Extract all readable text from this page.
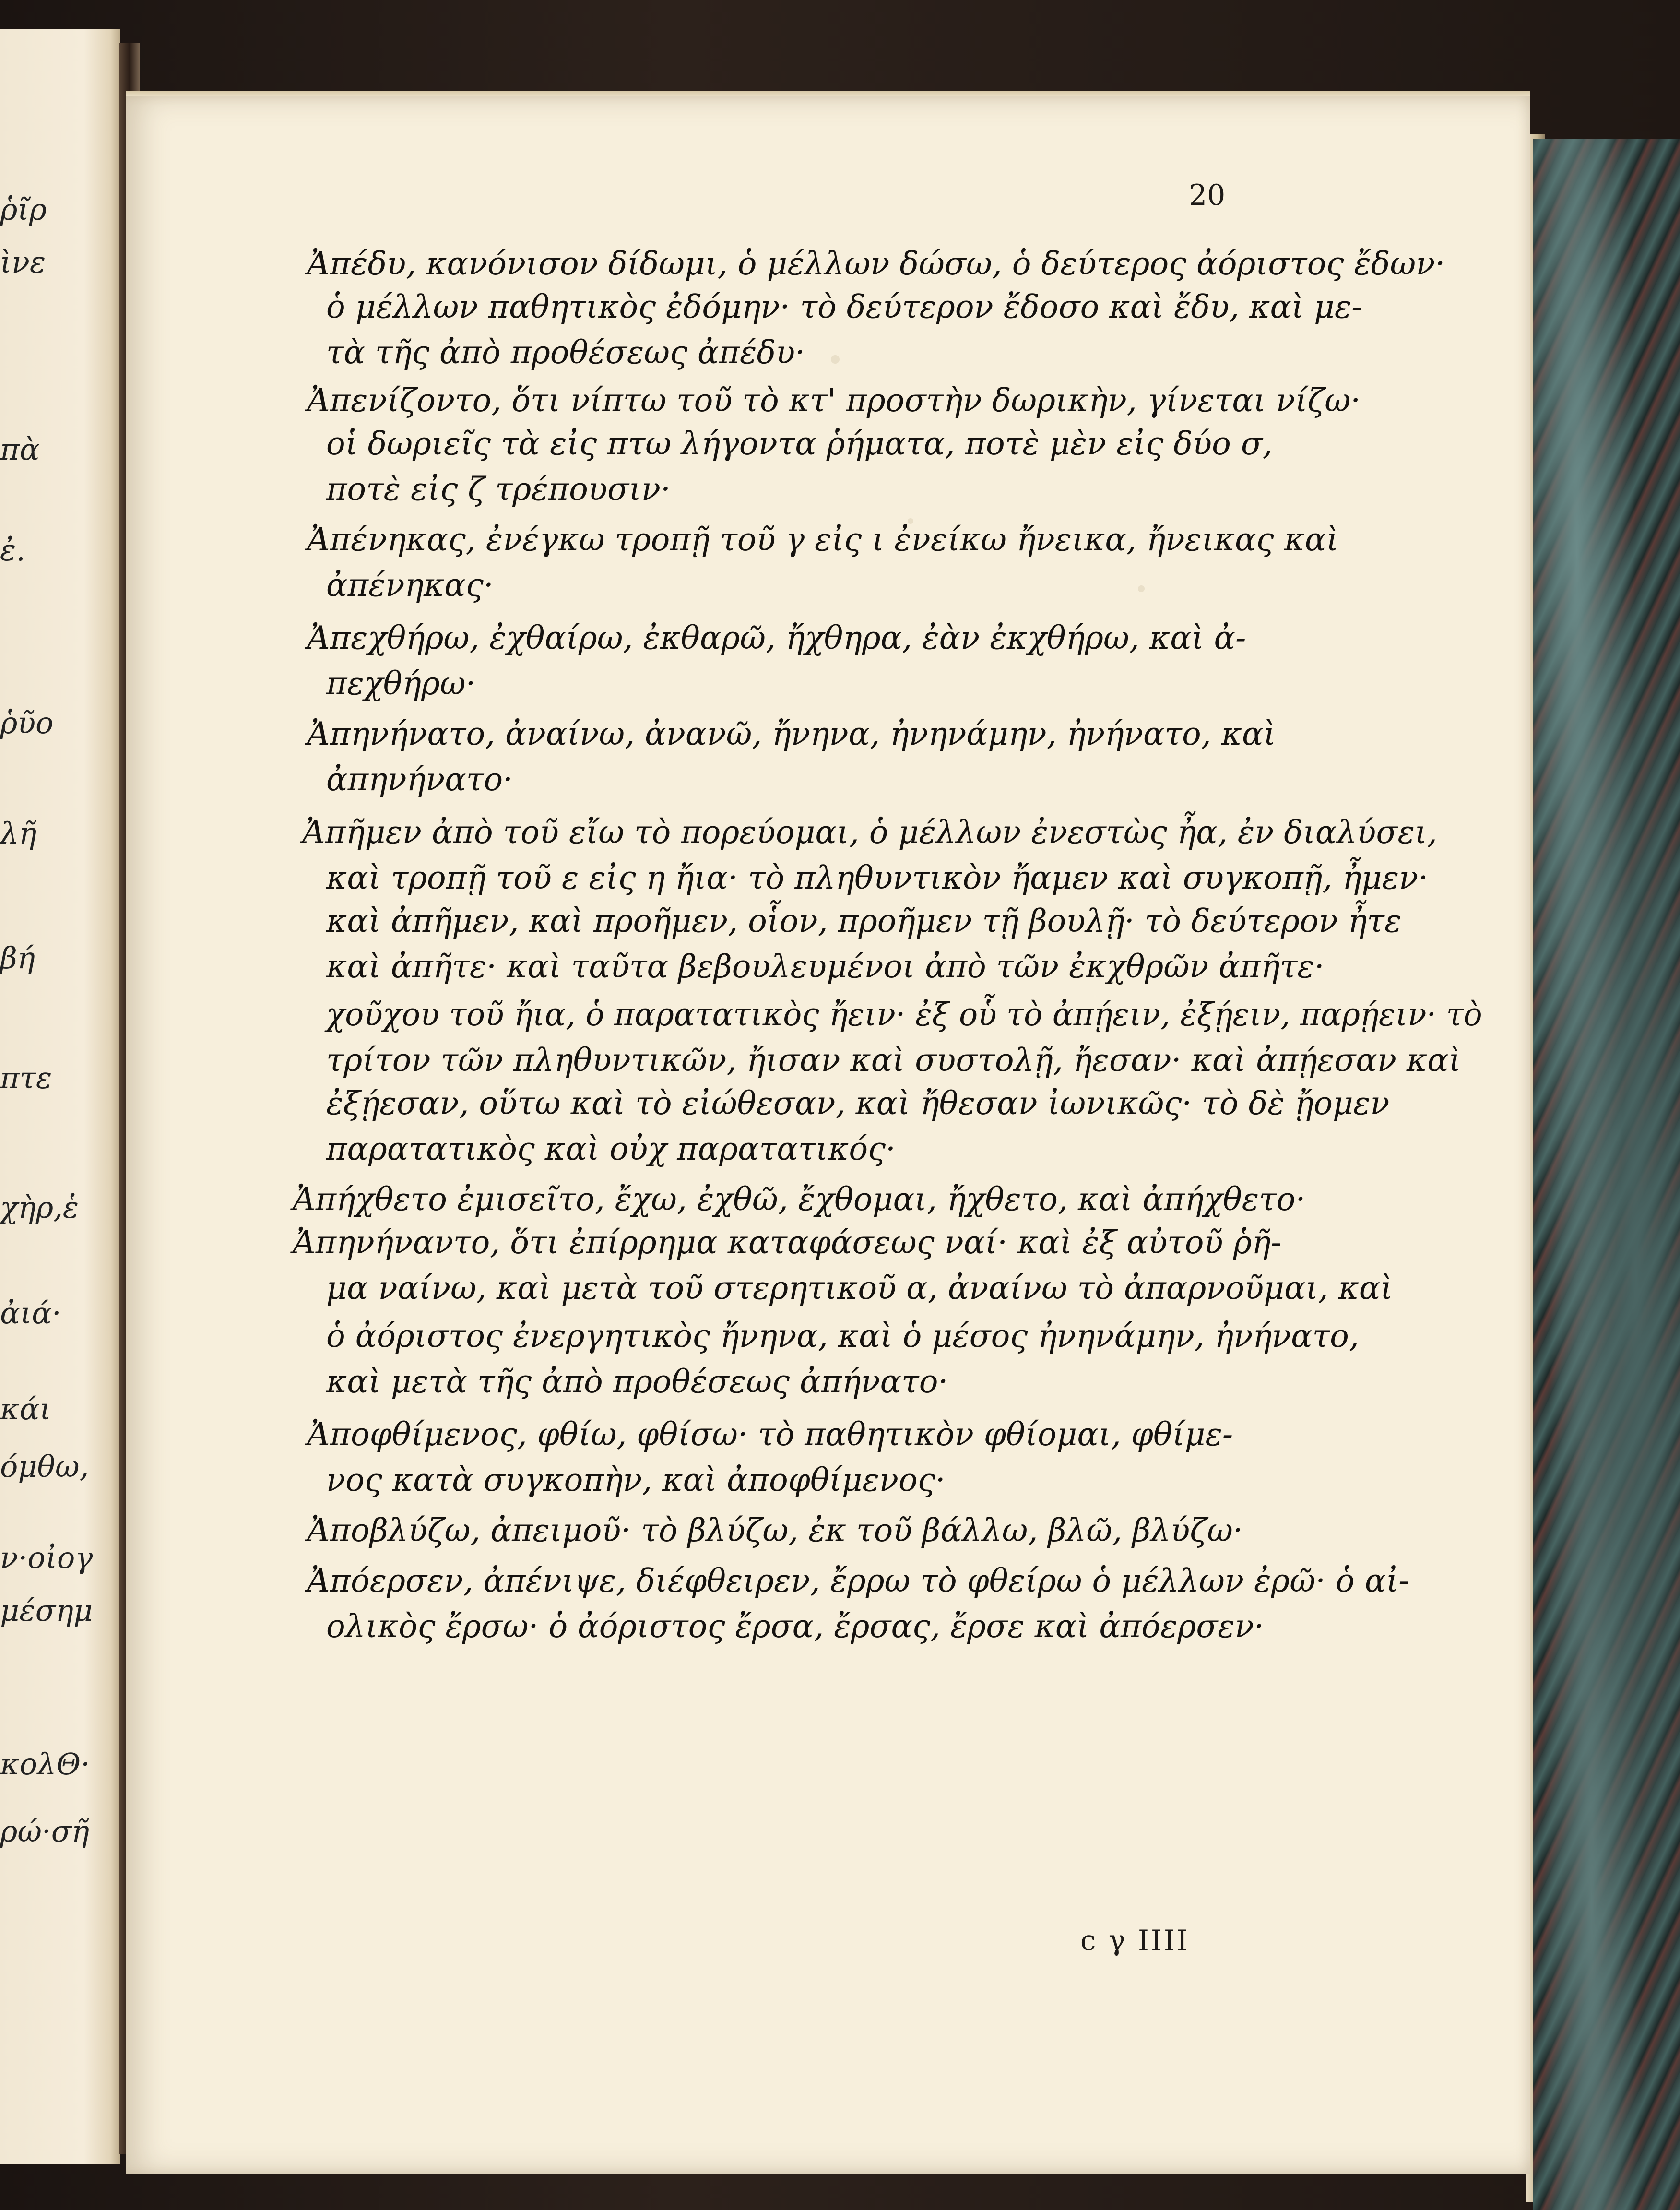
ῥῖρ
ὶνε
πὰ
ἐ.
ῥῦο
λῆ
βή
πτε
χὴρ,ἑ
ἀιά·
κάι
όμθω,
ν·οἰογ
μέσημ
κολΘ·
ρώ·σῆ
20
Ἀπέδυ, κανόνισον δίδωμι, ὁ μέλλων δώσω, ὁ δεύτερος ἀόριστος ἔδων·
ὁ μέλλων παθητικὸς ἐδόμην· τὸ δεύτερον ἔδοσο καὶ ἔδυ, καὶ με-
τὰ τῆς ἀπὸ προθέσεως ἀπέδυ·
Ἀπενίζοντο, ὅτι νίπτω τοῦ τὸ κτ' προστὴν δωρικὴν, γίνεται νίζω·
οἱ δωριεῖς τὰ εἰς πτω λήγοντα ῥήματα, ποτὲ μὲν εἰς δύο σ,
ποτὲ εἰς ζ τρέπουσιν·
Ἀπένηκας, ἐνέγκω τροπῇ τοῦ γ εἰς ι ἐνείκω ἤνεικα, ἤνεικας καὶ
ἀπένηκας·
Ἀπεχθήρω, ἐχθαίρω, ἐκθαρῶ, ἤχθηρα, ἐὰν ἐκχθήρω, καὶ ἀ-
πεχθήρω·
Ἀπηνήνατο, ἀναίνω, ἀνανῶ, ἤνηνα, ἠνηνάμην, ἠνήνατο, καὶ
ἀπηνήνατο·
Ἀπῆμεν ἀπὸ τοῦ εἴω τὸ πορεύομαι, ὁ μέλλων ἐνεστὼς ἦα, ἐν διαλύσει,
καὶ τροπῇ τοῦ ε εἰς η ἤια· τὸ πληθυντικὸν ἤαμεν καὶ συγκοπῇ, ἦμεν·
καὶ ἀπῆμεν, καὶ προῆμεν, οἷον, προῆμεν τῇ βουλῇ· τὸ δεύτερον ἦτε
καὶ ἀπῆτε· καὶ ταῦτα βεβουλευμένοι ἀπὸ τῶν ἐκχθρῶν ἀπῆτε·
χοῦχου τοῦ ἤια, ὁ παρατατικὸς ἤειν· ἐξ οὗ τὸ ἀπῄειν, ἐξῄειν, παρῄειν· τὸ
τρίτον τῶν πληθυντικῶν, ἤισαν καὶ συστολῇ, ἤεσαν· καὶ ἀπῄεσαν καὶ
ἐξῄεσαν, οὕτω καὶ τὸ εἰώθεσαν, καὶ ἤθεσαν ἰωνικῶς· τὸ δὲ ᾔομεν
παρατατικὸς καὶ οὐχ παρατατικός·
Ἀπήχθετο ἐμισεῖτο, ἔχω, ἐχθῶ, ἔχθομαι, ἤχθετο, καὶ ἀπήχθετο·
Ἀπηνήναντο, ὅτι ἐπίρρημα καταφάσεως ναί· καὶ ἐξ αὐτοῦ ῥῆ-
μα ναίνω, καὶ μετὰ τοῦ στερητικοῦ α, ἀναίνω τὸ ἀπαρνοῦμαι, καὶ
ὁ ἀόριστος ἐνεργητικὸς ἤνηνα, καὶ ὁ μέσος ἠνηνάμην, ἠνήνατο,
καὶ μετὰ τῆς ἀπὸ προθέσεως ἀπήνατο·
Ἀποφθίμενος, φθίω, φθίσω· τὸ παθητικὸν φθίομαι, φθίμε-
νος κατὰ συγκοπὴν, καὶ ἀποφθίμενος·
Ἀποβλύζω, ἀπειμοῦ· τὸ βλύζω, ἐκ τοῦ βάλλω, βλῶ, βλύζω·
Ἀπόερσεν, ἀπένιψε, διέφθειρεν, ἔρρω τὸ φθείρω ὁ μέλλων ἐρῶ· ὁ αἰ-
ολικὸς ἔρσω· ὁ ἀόριστος ἔρσα, ἔρσας, ἔρσε καὶ ἀπόερσεν·
c γ IIII
